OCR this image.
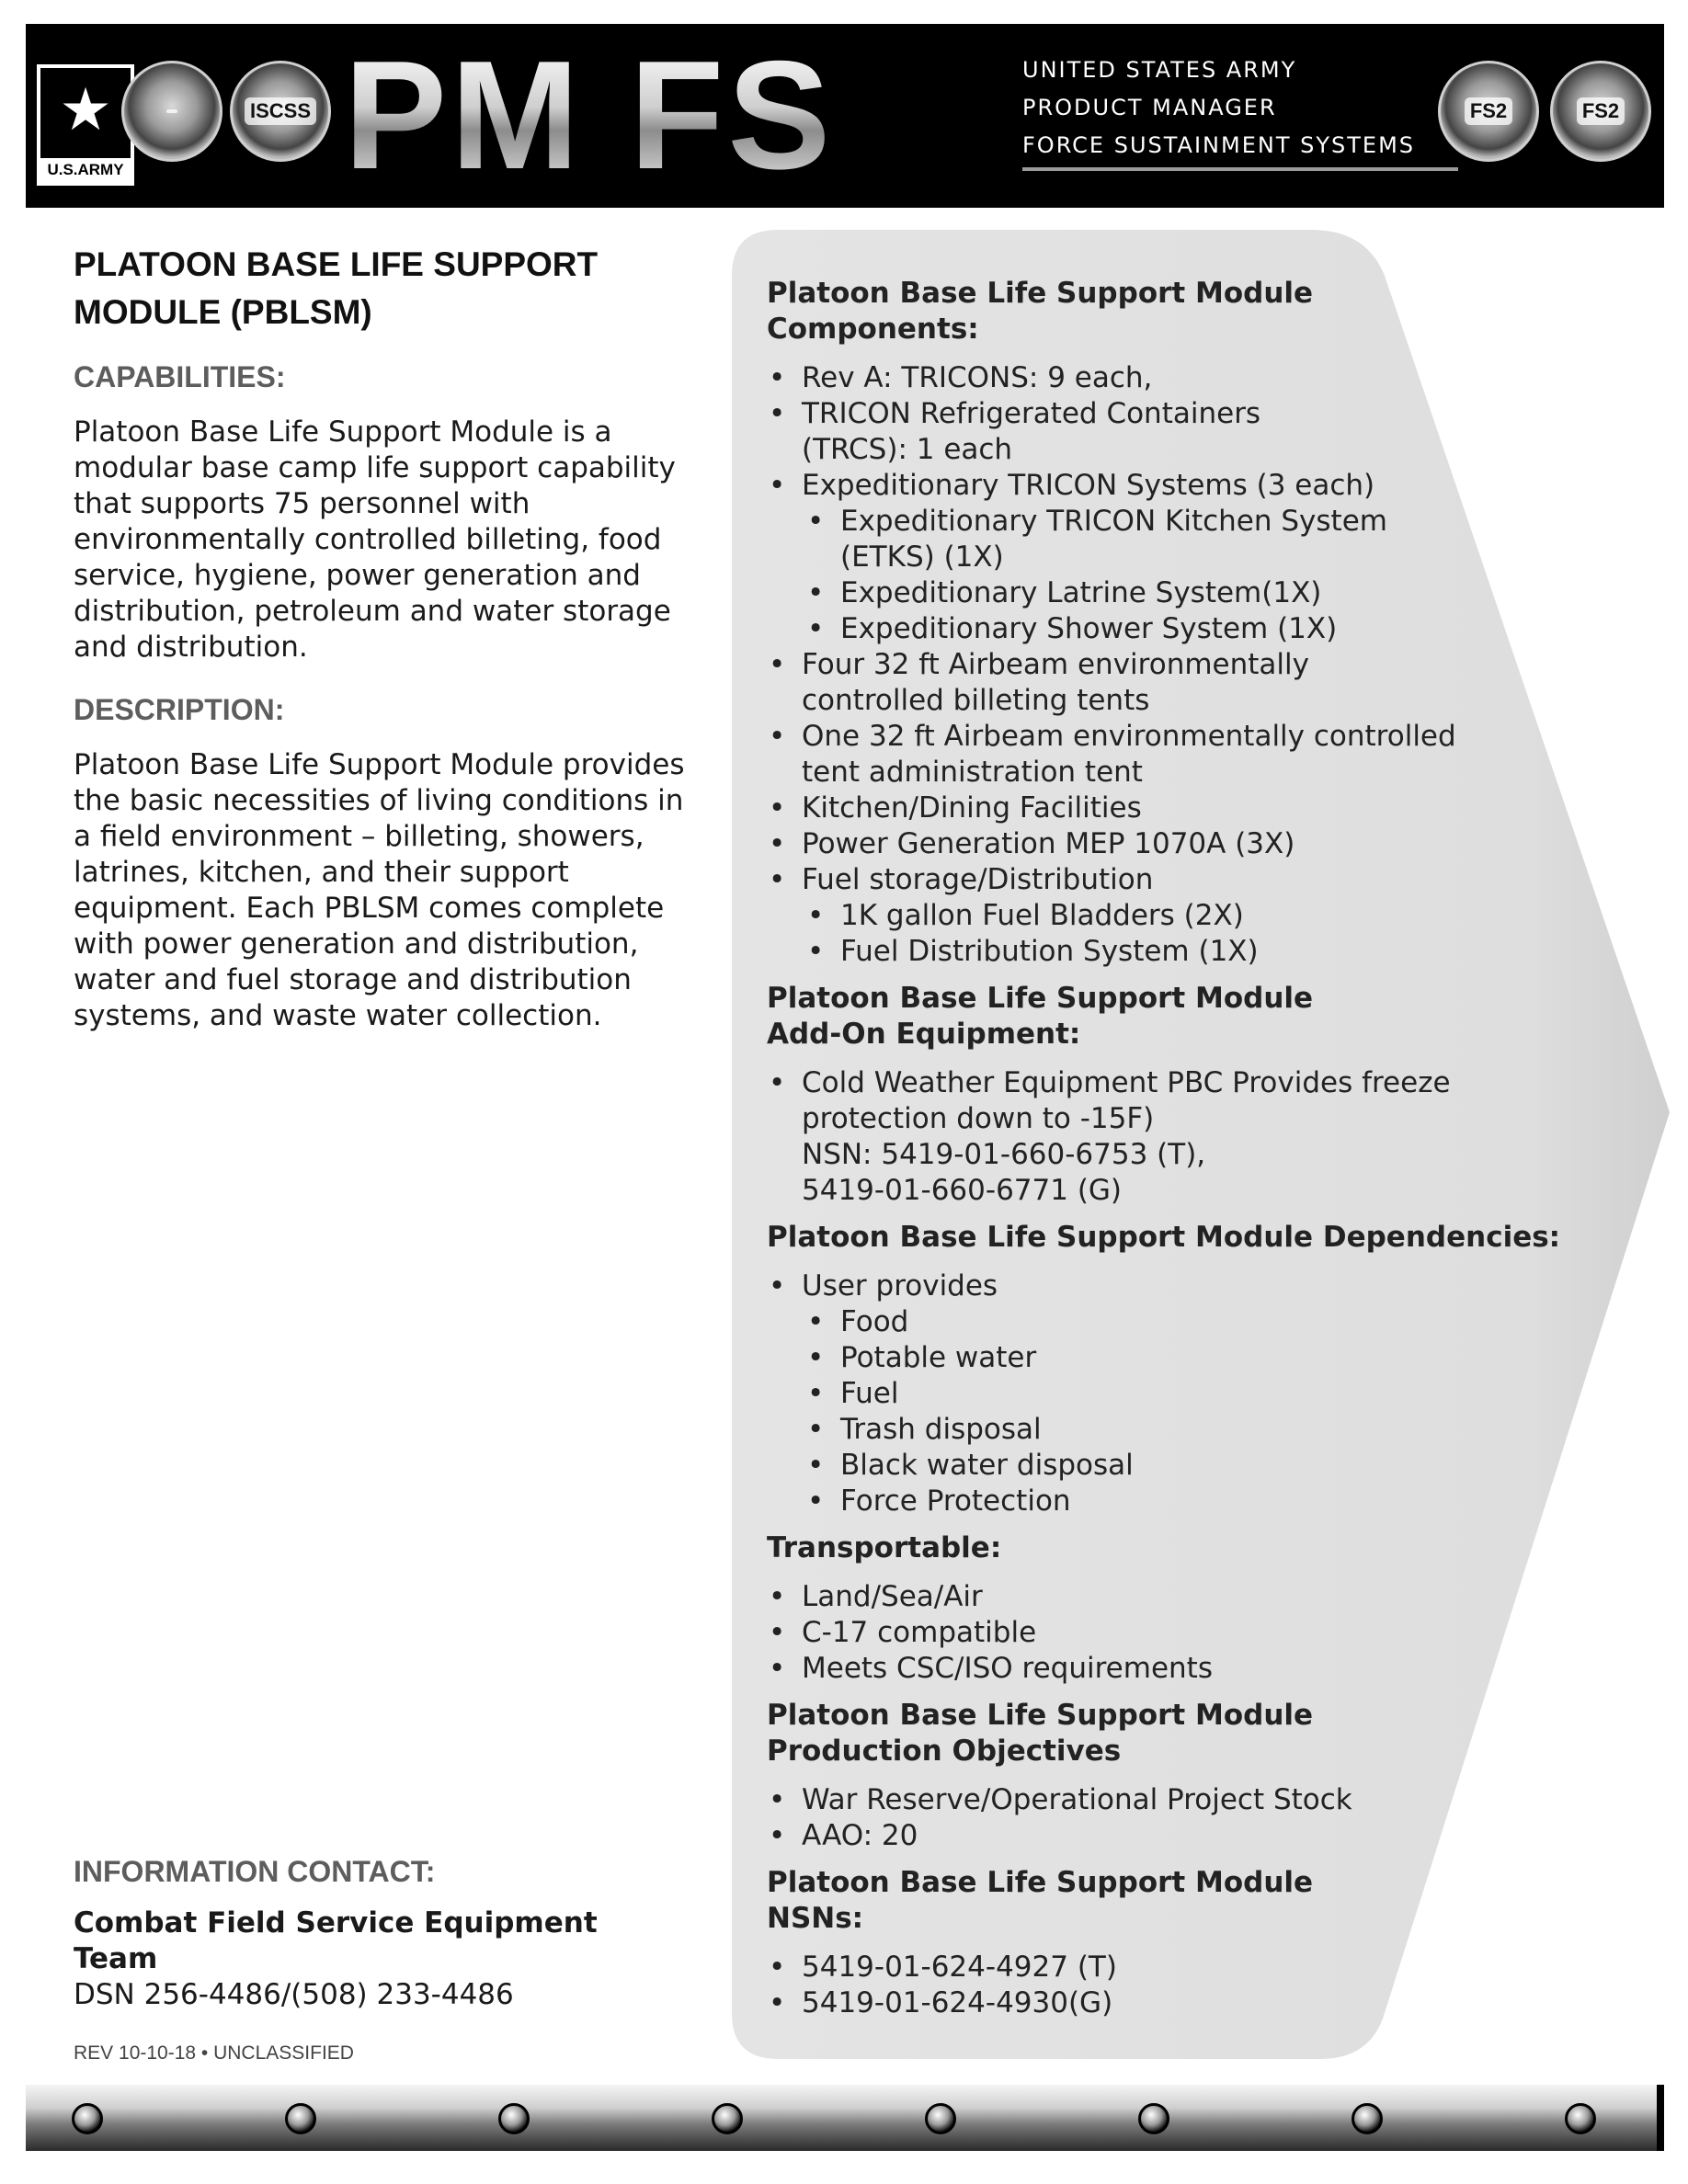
★
U.S.ARMY
ISCSS PM $FS^2$	UNITED STATES ARMY
PRODUCT MANAGER
FORCE SUSTAINMENT SYSTEMS
FS2	FS2
PLATOON BASE LIFE SUPPORT
MODULE (PBLSM)
CAPABILITIES:
Platoon Base Life Support Module is a
modular base camp life support capability
that supports 75 personnel with
environmentally controlled billeting, food
service, hygiene, power generation and
distribution, petroleum and water storage
and distribution.
DESCRIPTION:
Platoon Base Life Support Module provides
the basic necessities of living conditions in
a field environment – billeting, showers,
latrines, kitchen, and their support
equipment. Each PBLSM comes complete
with power generation and distribution,
water and fuel storage and distribution
systems, and waste water collection.
INFORMATION CONTACT:
Combat Field Service Equipment
Team
DSN 256-4486/(508) 233-4486
REV 10-10-18 • UNCLASSIFIED
Platoon Base Life Support Module
Components:
• Rev A: TRICONS: 9 each,
• TRICON Refrigerated Containers
(TRCS): 1 each
• Expeditionary TRICON Systems (3 each)
• Expeditionary TRICON Kitchen System
(ETKS) (1X)
• Expeditionary Latrine System(1X)
• Expeditionary Shower System (1X)
• Four 32 ft Airbeam environmentally
controlled billeting tents
• One 32 ft Airbeam environmentally controlled
tent administration tent
• Kitchen/Dining Facilities
• Power Generation MEP 1070A (3X)
• Fuel storage/Distribution
• 1K gallon Fuel Bladders (2X)
• Fuel Distribution System (1X)
Platoon Base Life Support Module
Add-On Equipment:
• Cold Weather Equipment PBC Provides freeze
protection down to -15F)
NSN: 5419-01-660-6753 (T),
5419-01-660-6771 (G)
Platoon Base Life Support Module Dependencies:
• User provides
• Food
• Potable water
• Fuel
• Trash disposal
• Black water disposal
• Force Protection
Transportable:
• Land/Sea/Air
• C-17 compatible
• Meets CSC/ISO requirements
Platoon Base Life Support Module
Production Objectives
• War Reserve/Operational Project Stock
• AAO: 20
Platoon Base Life Support Module
NSNs:
• 5419-01-624-4927 (T)
• 5419-01-624-4930(G)
